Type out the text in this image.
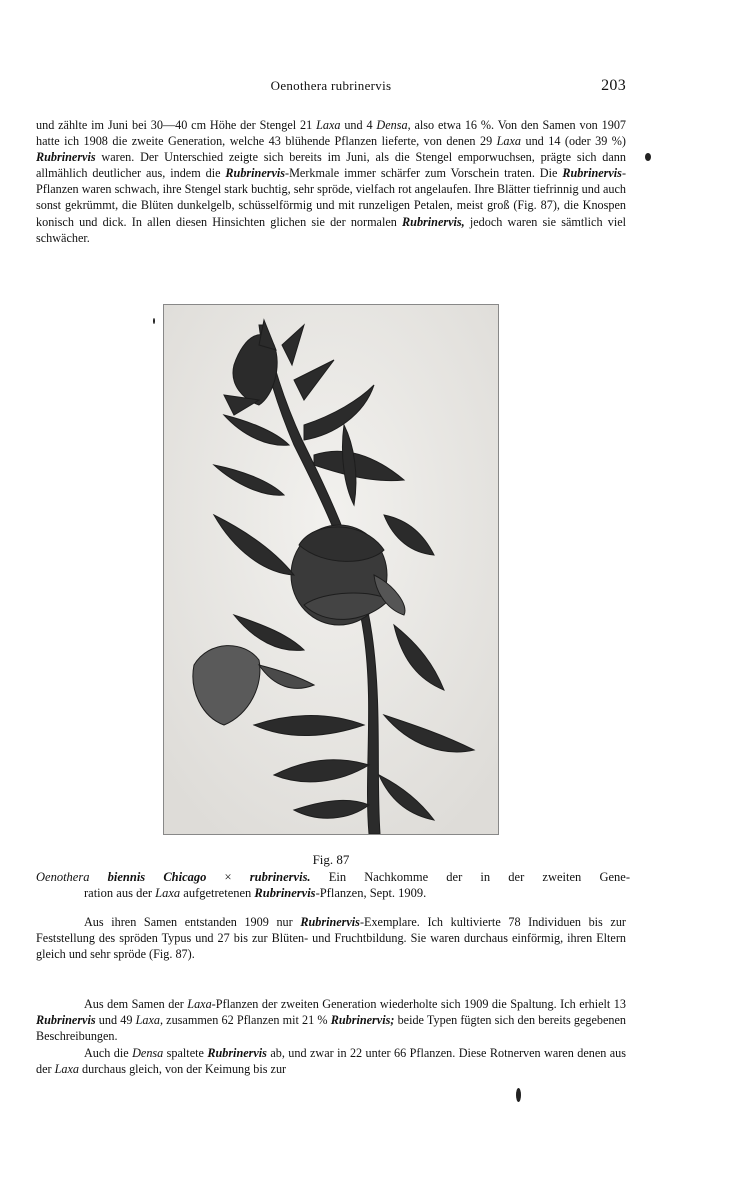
Oenothera rubrinervis	203
und zählte im Juni bei 30—40 cm Höhe der Stengel 21 Laxa und 4 Densa, also etwa 16 %. Von den Samen von 1907 hatte ich 1908 die zweite Generation, welche 43 blühende Pflanzen lieferte, von denen 29 Laxa und 14 (oder 39 %) Rubrinervis waren. Der Unterschied zeigte sich bereits im Juni, als die Stengel emporwuchsen, prägte sich dann allmählich deutlicher aus, indem die Rubrinervis-Merkmale immer schärfer zum Vorschein traten. Die Rubrinervis-Pflanzen waren schwach, ihre Stengel stark buchtig, sehr spröde, vielfach rot angelaufen. Ihre Blätter tiefrinnig und auch sonst gekrümmt, die Blüten dunkelgelb, schüsselförmig und mit runzeligen Petalen, meist groß (Fig. 87), die Knospen konisch und dick. In allen diesen Hinsichten glichen sie der normalen Rubrinervis, jedoch waren sie sämtlich viel schwächer.
Fig. 87
Oenothera biennis Chicago × rubrinervis. Ein Nachkomme der in der zweiten Gene-
ration aus der Laxa aufgetretenen Rubrinervis-Pflanzen, Sept. 1909.
Aus ihren Samen entstanden 1909 nur Rubrinervis-Exemplare. Ich kultivierte 78 Individuen bis zur Feststellung des spröden Typus und 27 bis zur Blüten- und Fruchtbildung. Sie waren durchaus einförmig, ihren Eltern gleich und sehr spröde (Fig. 87).
Aus dem Samen der Laxa-Pflanzen der zweiten Generation wiederholte sich 1909 die Spaltung. Ich erhielt 13 Rubrinervis und 49 Laxa, zusammen 62 Pflanzen mit 21 % Rubrinervis; beide Typen fügten sich den bereits gegebenen Beschreibungen.
Auch die Densa spaltete Rubrinervis ab, und zwar in 22 unter 66 Pflanzen. Diese Rotnerven waren denen aus der Laxa durchaus gleich, von der Keimung bis zur
